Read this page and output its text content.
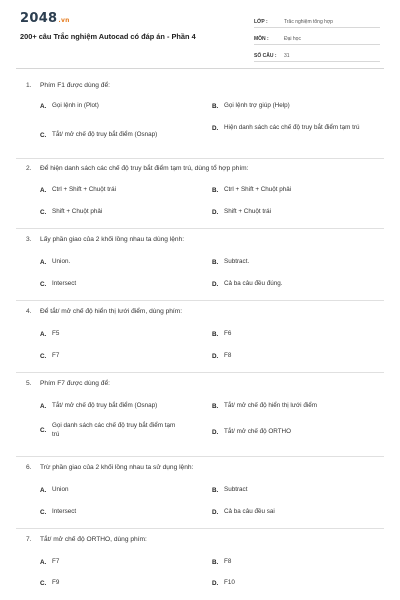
2048.vn
200+ câu Trắc nghiệm Autocad có đáp án - Phần 4
LỚP :	Trắc nghiệm tổng hợp
MÔN :	Đại học
SỐ CÂU :	31
1. Phím F1 được dùng để:
A. Gọi lệnh in (Plot)	B. Gọi lệnh trợ giúp (Help)
C. Tắt/ mở chế độ truy bắt điểm (Osnap)
D. Hiện danh sách các chế độ truy bắt điểm tạm trú
2. Để hiện danh sách các chế độ truy bắt điểm tạm trú, dùng tổ hợp phím:
A. Ctrl + Shift + Chuột trái	B. Ctrl + Shift + Chuột phải
C. Shift + Chuột phải	D. Shift + Chuột trái
3. Lấy phần giao của 2 khối lồng nhau ta dùng lệnh:
A. Union.	B. Subtract.
C. Intersect	D. Cả ba câu đều đúng.
4. Để tắt/ mở chế độ hiển thị lưới điểm, dùng phím:
A. F5	B. F6
C. F7	D. F8
5. Phím F7 được dùng để:
A. Tắt/ mở chế độ truy bắt điểm (Osnap)	B. Tắt/ mở chế độ hiển thị lưới điểm
C.
Gọi danh sách các chế độ truy bắt điểm tạm trú	D. Tắt/ mở chế độ ORTHO
6. Trừ phần giao của 2 khối lồng nhau ta sử dụng lệnh:
A. Union	B. Subtract
C. Intersect	D. Cả ba câu đều sai
7. Tắt/ mở chế độ ORTHO, dùng phím:
A. F7	B. F8
C. F9	D. F10
